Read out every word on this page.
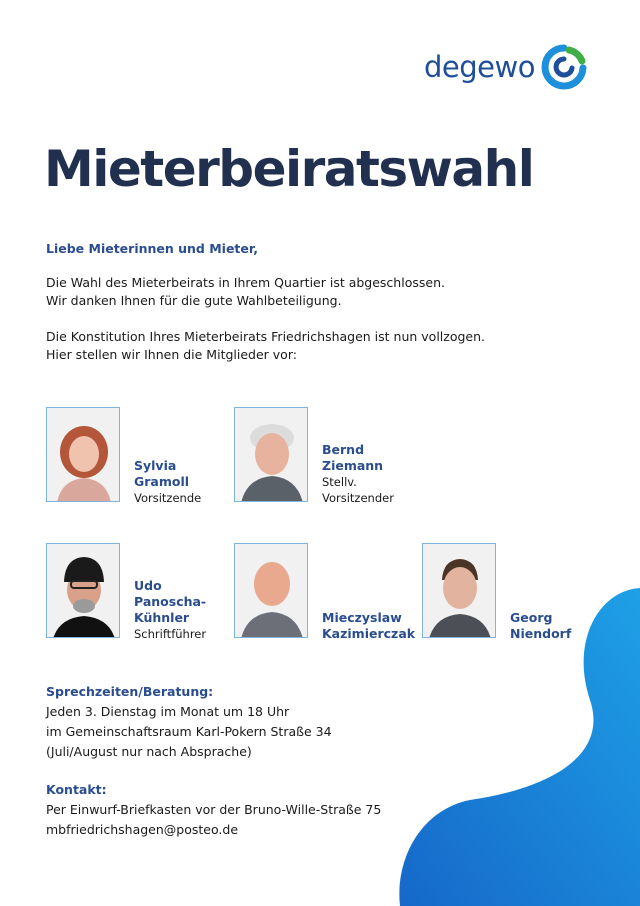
degewo
Mieterbeiratswahl
Liebe Mieterinnen und Mieter,
Die Wahl des Mieterbeirats in Ihrem Quartier ist abgeschlossen.
Wir danken Ihnen für die gute Wahlbeteiligung.
Die Konstitution Ihres Mieterbeirats Friedrichshagen ist nun vollzogen.
Hier stellen wir Ihnen die Mitglieder vor:
Sylvia
Gramoll
Vorsitzende
Bernd
Ziemann
Stellv.
Vorsitzender
Udo
Panoscha-
Kühnler
Schriftführer
Mieczyslaw
Kazimierczak
Georg
Niendorf
Sprechzeiten/Beratung:
Jeden 3. Dienstag im Monat um 18 Uhr
im Gemeinschaftsraum Karl-Pokern Straße 34
(Juli/August nur nach Absprache)
Kontakt:
Per Einwurf-Briefkasten vor der Bruno-Wille-Straße 75
mbfriedrichshagen@posteo.de
